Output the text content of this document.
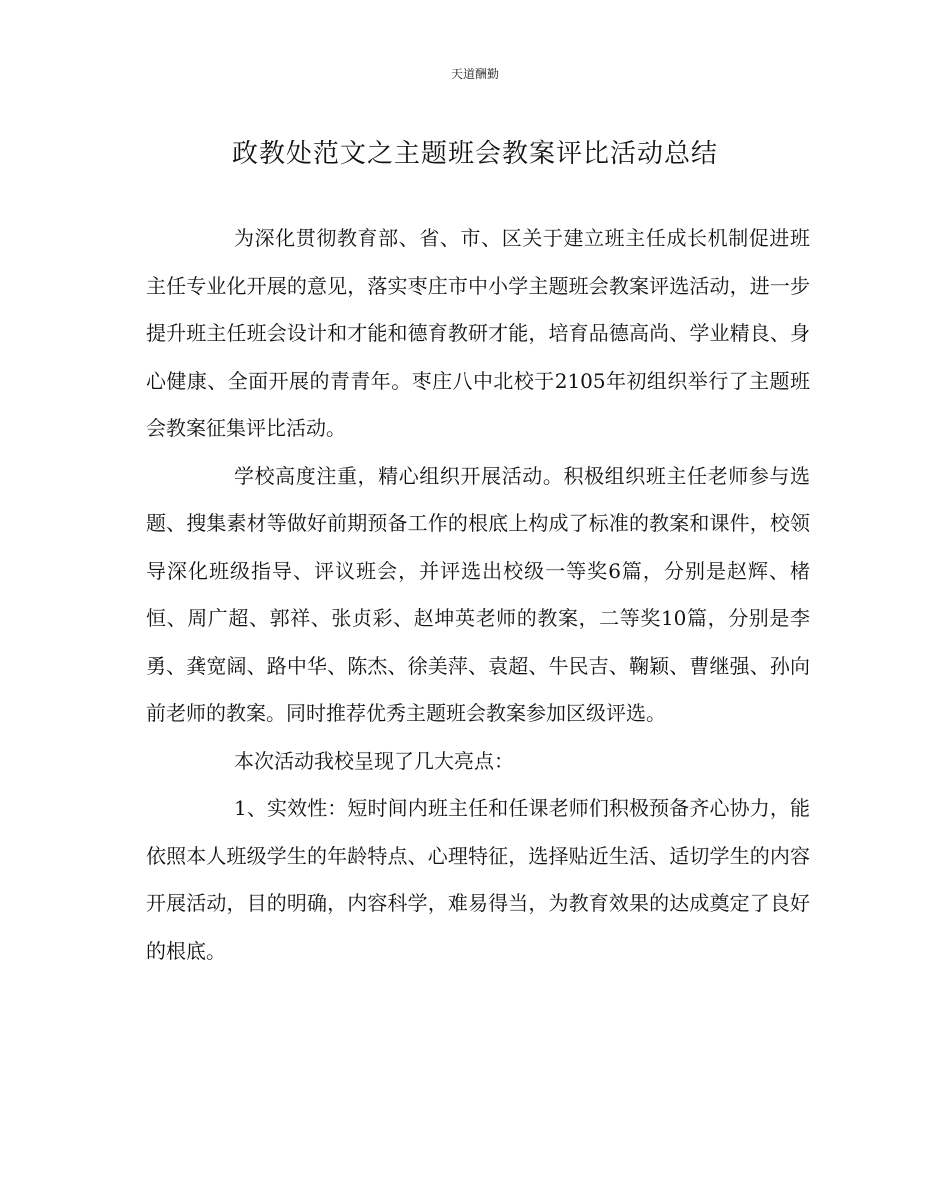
天道酬勤
政教处范文之主题班会教案评比活动总结

为深化贯彻教育部、省、市、区关于建立班主任成长机制促进班主任专业化开展的意见，落实枣庄市中小学主题班会教案评选活动，进一步提升班主任班会设计和才能和德育教研才能，培育品德高尚、学业精良、身心健康、全面开展的青青年。枣庄八中北校于2105年初组织举行了主题班会教案征集评比活动。

学校高度注重，精心组织开展活动。积极组织班主任老师参与选题、搜集素材等做好前期预备工作的根底上构成了标准的教案和课件，校领导深化班级指导、评议班会，并评选出校级一等奖6篇，分别是赵辉、楮恒、周广超、郭祥、张贞彩、赵坤英老师的教案，二等奖10篇，分别是李勇、龚宽阔、路中华、陈杰、徐美萍、袁超、牛民吉、鞠颖、曹继强、孙向前老师的教案。同时推荐优秀主题班会教案参加区级评选。

本次活动我校呈现了几大亮点：

1、实效性：短时间内班主任和任课老师们积极预备齐心协力，能依照本人班级学生的年龄特点、心理特征，选择贴近生活、适切学生的内容开展活动，目的明确，内容科学，难易得当，为教育效果的达成奠定了良好的根底。
